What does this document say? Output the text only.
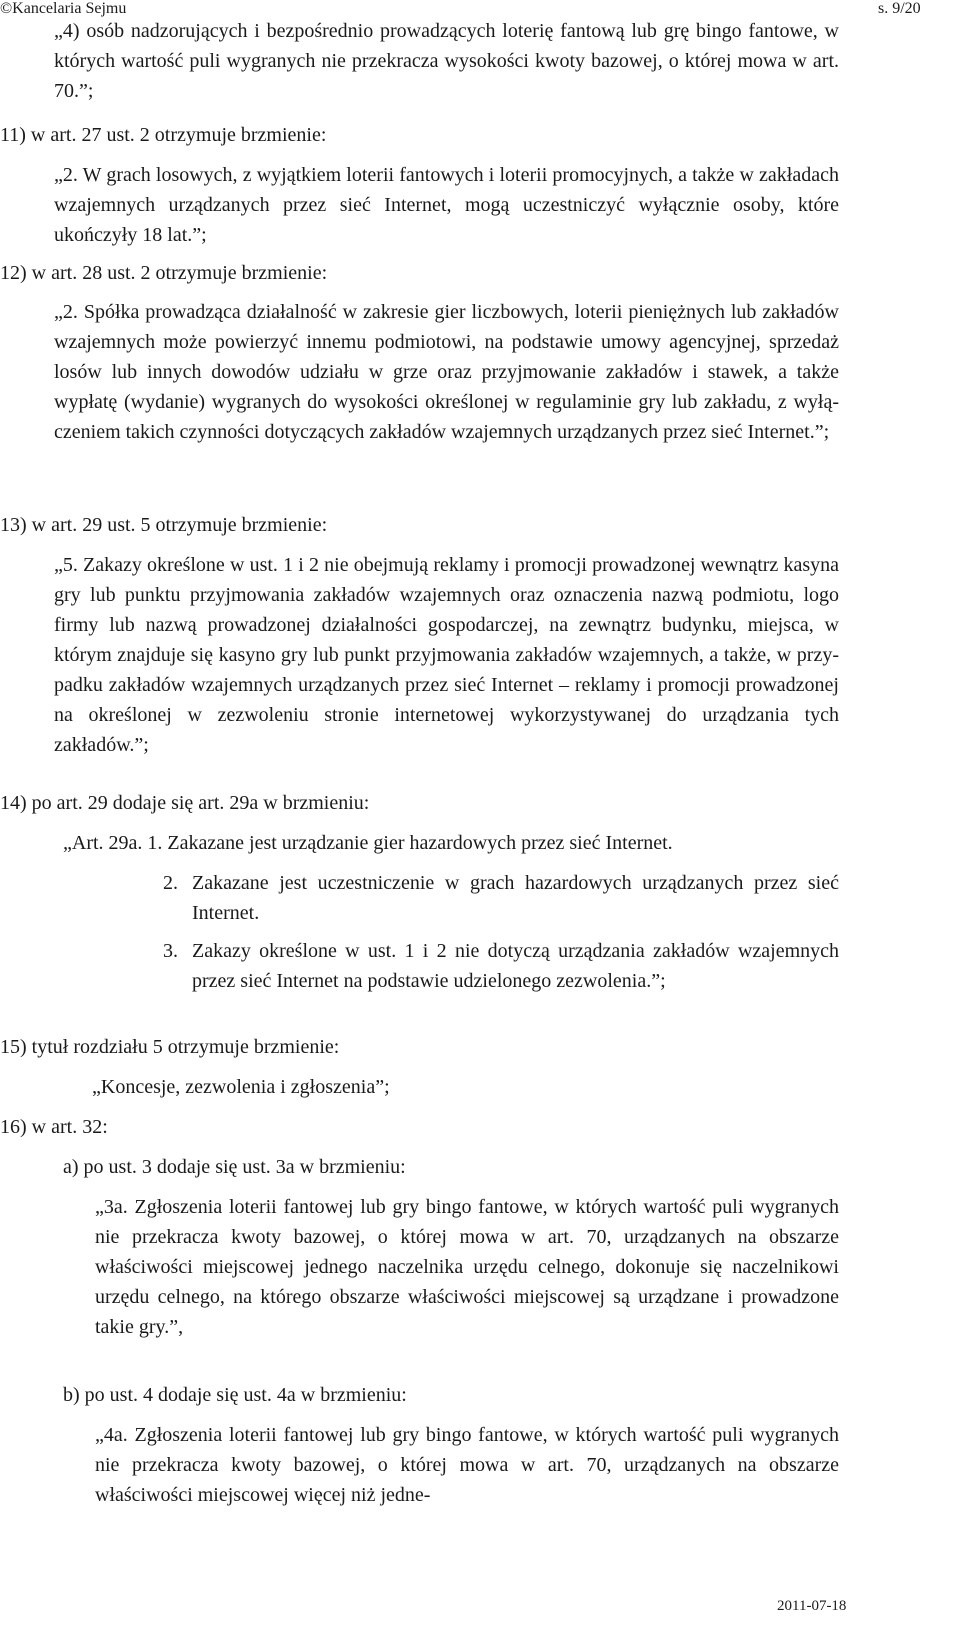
©Kancelaria Sejmu	s. 9/20
„4) osób nadzorujących i bezpośrednio prowadzących loterię fantową lub grę bingo fantowe, w których wartość puli wygranych nie przekracza wysokości kwoty bazowej, o której mowa w art. 70.”;
11) w art. 27 ust. 2 otrzymuje brzmienie:
„2. W grach losowych, z wyjątkiem loterii fantowych i loterii promocyjnych, a także w zakładach wzajemnych urządzanych przez sieć Internet, mogą uczestniczyć wyłącznie osoby, które ukończyły 18 lat.”;
12) w art. 28 ust. 2 otrzymuje brzmienie:
„2. Spółka prowadząca działalność w zakresie gier liczbowych, loterii pieniężnych lub zakładów wzajemnych może powierzyć innemu podmiotowi, na podstawie umowy agencyjnej, sprzedaż losów lub innych dowodów udziału w grze oraz przyjmowanie zakładów i stawek, a także wypłatę (wydanie) wygranych do wysokości określonej w regulaminie gry lub zakładu, z wyłączeniem takich czynności dotyczących zakładów wzajemnych urządzanych przez sieć Internet.”;
13) w art. 29 ust. 5 otrzymuje brzmienie:
„5. Zakazy określone w ust. 1 i 2 nie obejmują reklamy i promocji prowadzonej wewnątrz kasyna gry lub punktu przyjmowania zakładów wzajemnych oraz oznaczenia nazwą podmiotu, logo firmy lub nazwą prowadzonej działalności gospodarczej, na zewnątrz budynku, miejsca, w którym znajduje się kasyno gry lub punkt przyjmowania zakładów wzajemnych, a także, w przypadku zakładów wzajemnych urządzanych przez sieć Internet – reklamy i promocji prowadzonej na określonej w zezwoleniu stronie internetowej wykorzystywanej do urządzania tych zakładów.”;
14) po art. 29 dodaje się art. 29a w brzmieniu:
„Art. 29a. 1. Zakazane jest urządzanie gier hazardowych przez sieć Internet.
2. Zakazane jest uczestniczenie w grach hazardowych urządzanych przez sieć Internet.
3. Zakazy określone w ust. 1 i 2 nie dotyczą urządzania zakładów wzajemnych przez sieć Internet na podstawie udzielonego zezwolenia.”;
15) tytuł rozdziału 5 otrzymuje brzmienie:
„Koncesje, zezwolenia i zgłoszenia”;
16) w art. 32:
a) po ust. 3 dodaje się ust. 3a w brzmieniu:
„3a. Zgłoszenia loterii fantowej lub gry bingo fantowe, w których wartość puli wygranych nie przekracza kwoty bazowej, o której mowa w art. 70, urządzanych na obszarze właściwości miejscowej jednego naczelnika urzędu celnego, dokonuje się naczelnikowi urzędu celnego, na którego obszarze właściwości miejscowej są urządzane i prowadzone takie gry.”,
b) po ust. 4 dodaje się ust. 4a w brzmieniu:
„4a. Zgłoszenia loterii fantowej lub gry bingo fantowe, w których wartość puli wygranych nie przekracza kwoty bazowej, o której mowa w art. 70, urządzanych na obszarze właściwości miejscowej więcej niż jedne-
2011-07-18
